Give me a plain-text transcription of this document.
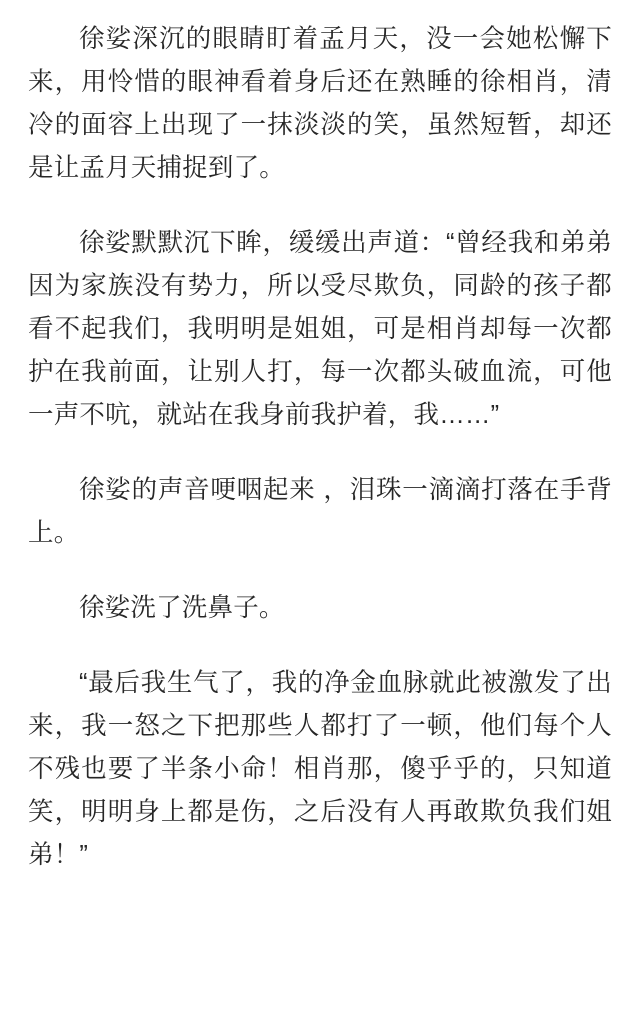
徐娑深沉的眼睛盯着孟月天，没一会她松懈下来，用怜惜的眼神看着身后还在熟睡的徐相肖，清冷的面容上出现了一抹淡淡的笑，虽然短暂，却还是让孟月天捕捉到了。

徐娑默默沉下眸，缓缓出声道：“曾经我和弟弟因为家族没有势力，所以受尽欺负，同龄的孩子都看不起我们，我明明是姐姐，可是相肖却每一次都护在我前面，让别人打，每一次都头破血流，可他一声不吭，就站在我身前我护着，我……”

徐娑的声音哽咽起来 ，泪珠一滴滴打落在手背上。

徐娑洗了洗鼻子。

“最后我生气了，我的净金血脉就此被激发了出来，我一怒之下把那些人都打了一顿，他们每个人不残也要了半条小命！相肖那，傻乎乎的，只知道笑，明明身上都是伤，之后没有人再敢欺负我们姐弟！”
